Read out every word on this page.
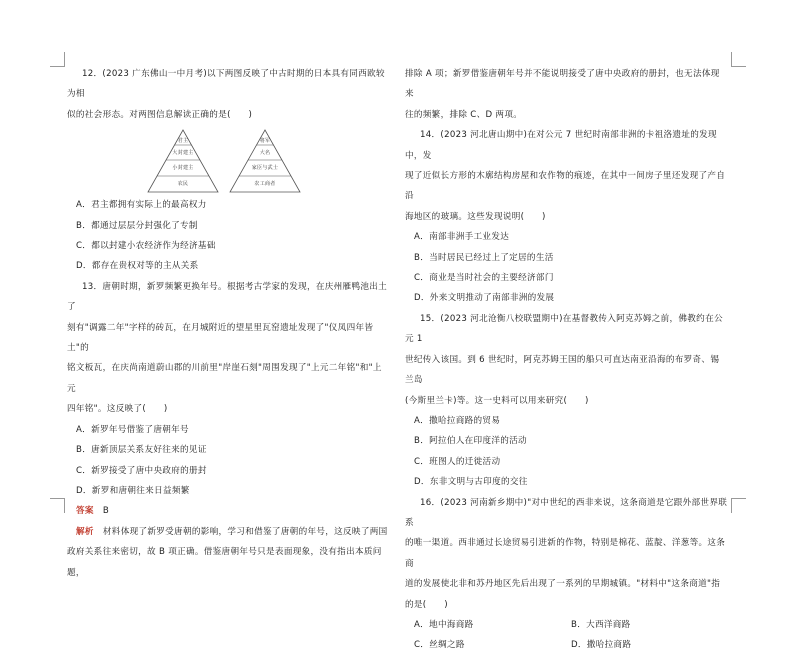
12．(2023 广东佛山一中月考)以下两图反映了中古时期的日本具有同西欧较为相

似的社会形态。对两图信息解读正确的是(　　)

君主
大封建主
小封建主
农民
将军
大名
家臣与武士
农工商者

A．君主都拥有实际上的最高权力

B．都通过层层分封强化了专制

C．都以封建小农经济作为经济基础

D．都存在贵权对等的主从关系

13．唐朝时期，新罗频繁更换年号。根据考古学家的发现，在庆州雁鸭池出土了

刻有"调露二年"字样的砖瓦，在月城附近的望星里瓦窑遗址发现了"仪凤四年皆土"的

铭文板瓦，在庆尚南道蔚山郡的川前里"岸崖石刻"周围发现了"上元二年铭"和"上元

四年铭"。这反映了(　　)

A．新罗年号借鉴了唐朝年号

B．唐新顶层关系友好往来的见证

C．新罗接受了唐中央政府的册封

D．新罗和唐朝往来日益频繁

答案 B

解析 材料体现了新罗受唐朝的影响，学习和借鉴了唐朝的年号，这反映了两国

政府关系往来密切，故 B 项正确。借鉴唐朝年号只是表面现象，没有指出本质问题，

排除 A 项；新罗借鉴唐朝年号并不能说明接受了唐中央政府的册封，也无法体现来

往的频繁，排除 C、D 两项。

14．(2023 河北唐山期中)在对公元 7 世纪时南部非洲的卡祖洛遗址的发现中，发

现了近似长方形的木廓结构房屋和农作物的痕迹，在其中一间房子里还发现了产自沿

海地区的玻璃。这些发现说明(　　)

A．南部非洲手工业发达

B．当时居民已经过上了定居的生活

C．商业是当时社会的主要经济部门

D．外来文明推动了南部非洲的发展

15．(2023 河北沧衡八校联盟期中)在基督教传入阿克苏姆之前，佛教约在公元 1

世纪传入该国。到 6 世纪时，阿克苏姆王国的船只可直达南亚沿海的布罗奇、锡兰岛

(今斯里兰卡)等。这一史料可以用来研究(　　)

A．撒哈拉商路的贸易

B．阿拉伯人在印度洋的活动

C．班图人的迁徙活动

D．东非文明与古印度的交往

16．(2023 河南新乡期中)"对中世纪的西非来说，这条商道是它跟外部世界联系

的唯一渠道。西非通过长途贸易引进新的作物，特别是棉花、蓝靛、洋葱等。这条商

道的发展使北非和苏丹地区先后出现了一系列的早期城镇。"材料中"这条商道"指

的是(　　)

A．地中海商路	B．大西洋商路
C．丝绸之路	D．撒哈拉商路
